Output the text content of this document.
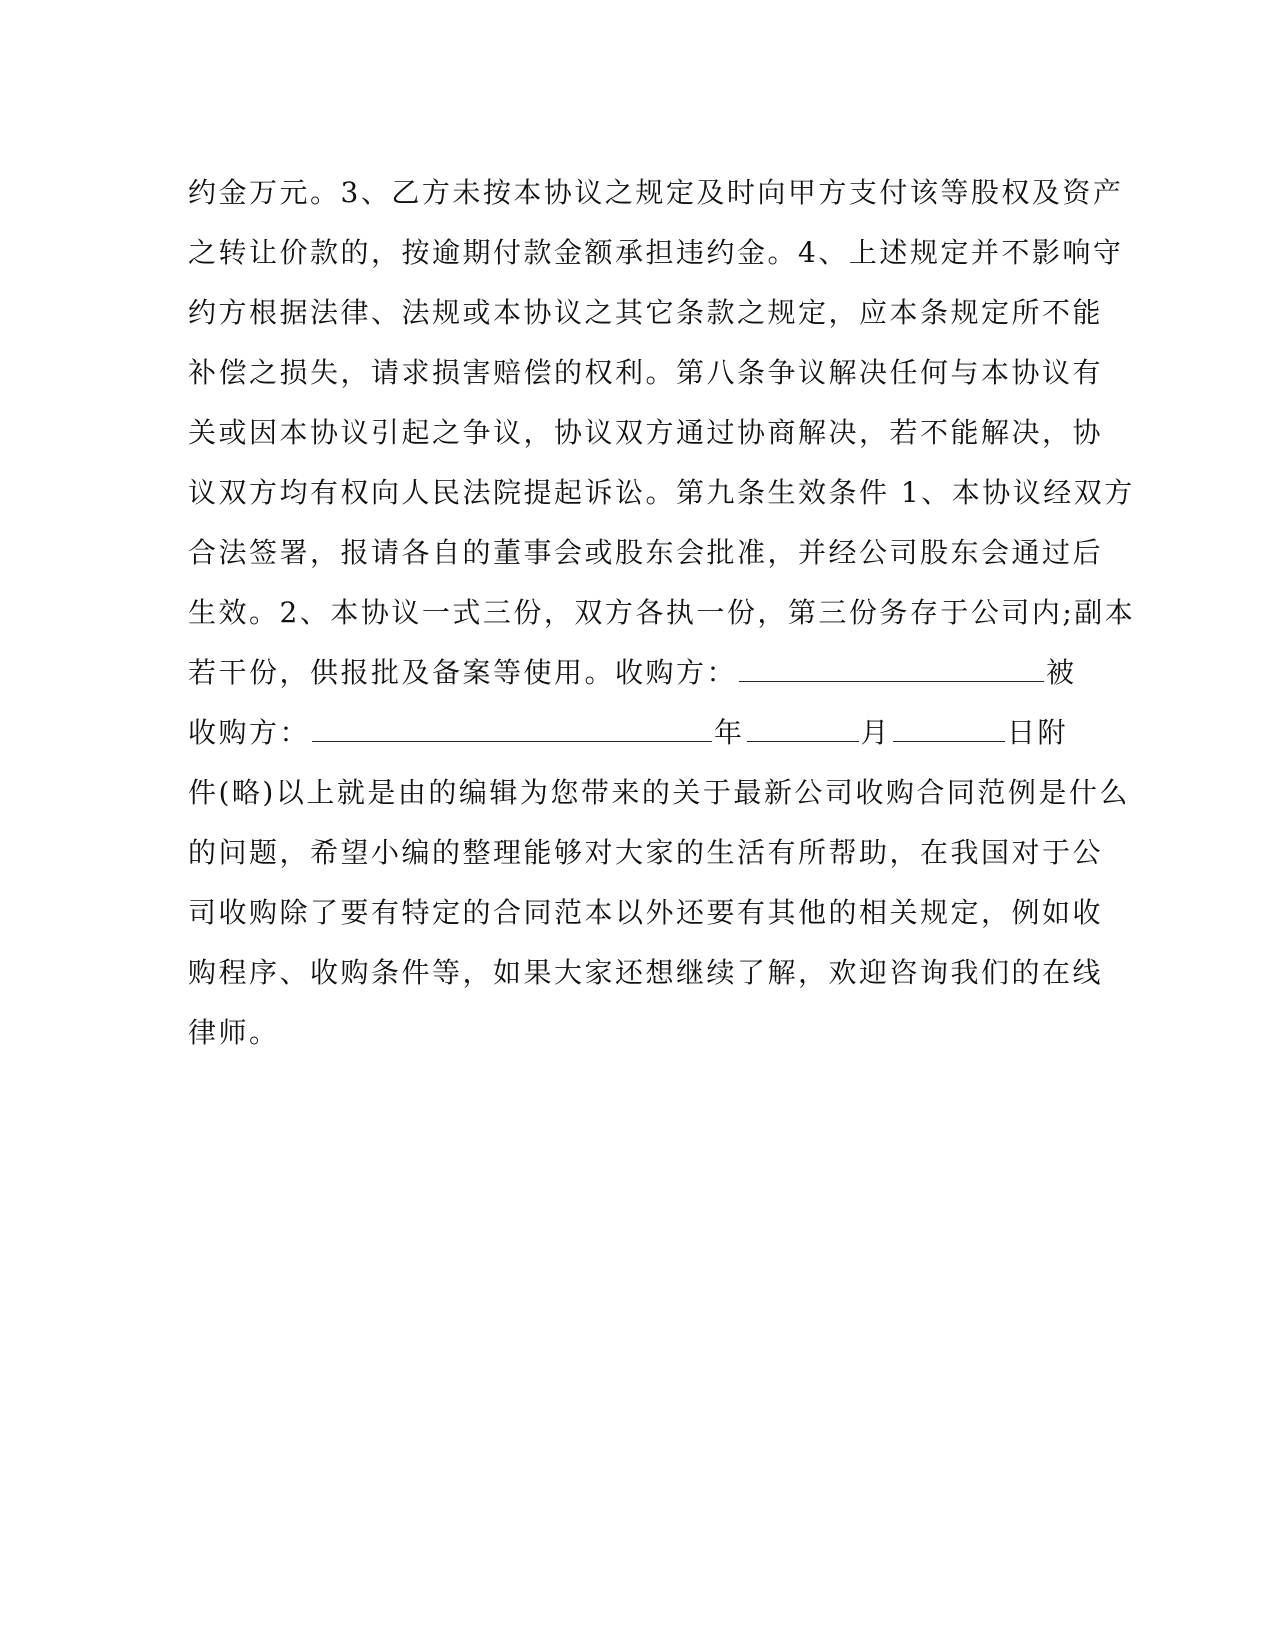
约金万元。3、乙方未按本协议之规定及时向甲方支付该等股权及资产
之转让价款的，按逾期付款金额承担违约金。4、上述规定并不影响守
约方根据法律、法规或本协议之其它条款之规定，应本条规定所不能
补偿之损失，请求损害赔偿的权利。第八条争议解决任何与本协议有
关或因本协议引起之争议，协议双方通过协商解决，若不能解决，协
议双方均有权向人民法院提起诉讼。第九条生效条件 1、本协议经双方
合法签署，报请各自的董事会或股东会批准，并经公司股东会通过后
生效。2、本协议一式三份，双方各执一份，第三份务存于公司内;副本
若干份，供报批及备案等使用。收购方：	被
收购方：	年	月	日附
件(略)以上就是由的编辑为您带来的关于最新公司收购合同范例是什么
的问题，希望小编的整理能够对大家的生活有所帮助，在我国对于公
司收购除了要有特定的合同范本以外还要有其他的相关规定，例如收
购程序、收购条件等，如果大家还想继续了解，欢迎咨询我们的在线
律师。
